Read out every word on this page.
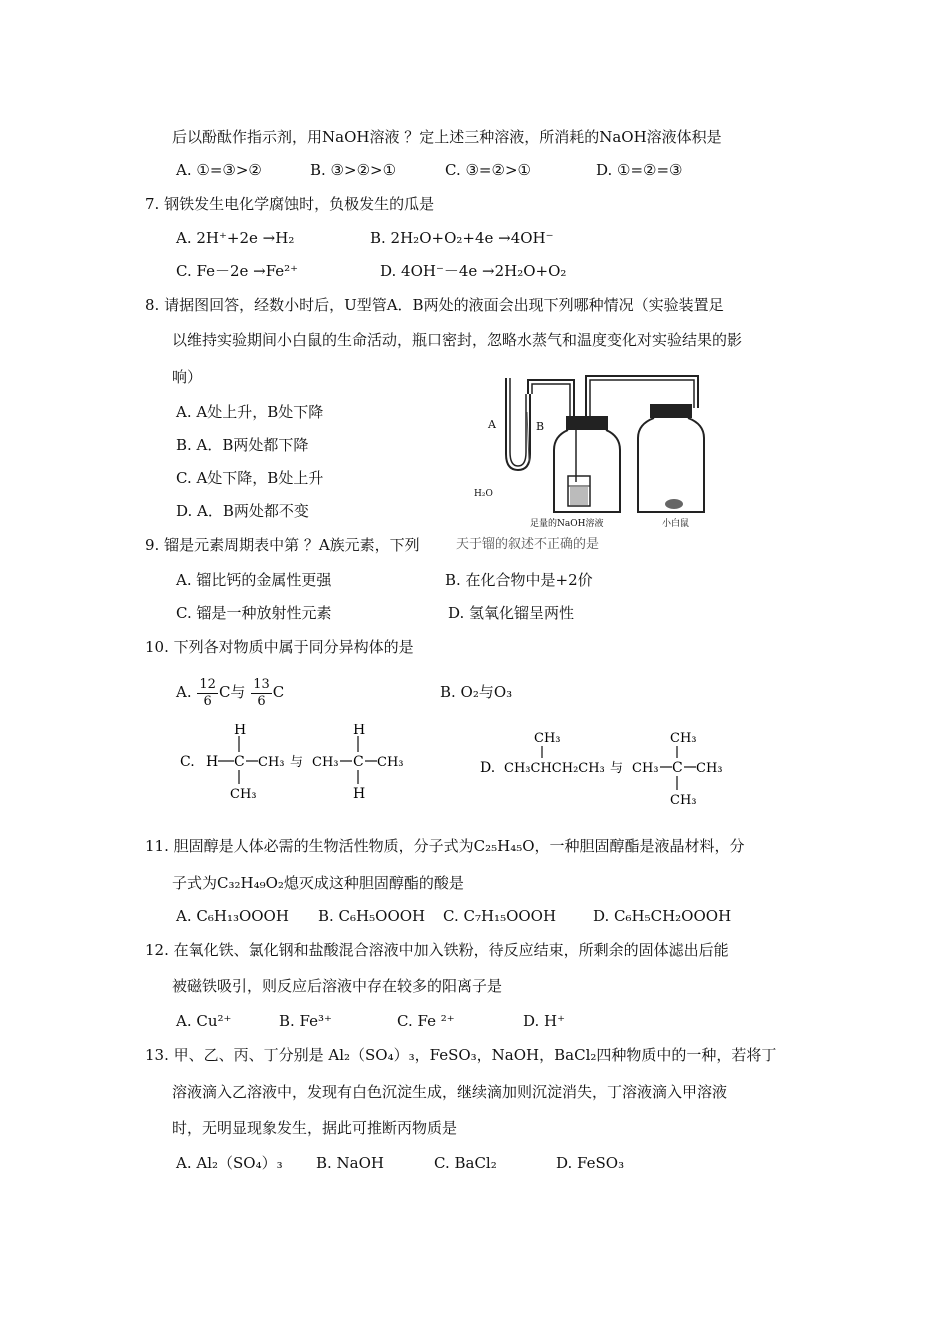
后以酚酞作指示剂，用NaOH溶液 ？定上述三种溶液，所消耗的NaOH溶液体积是
A. ①=③>②	B. ③>②>①	C. ③=②>①	D. ①=②=③
7. 钢铁发生电化学腐蚀时，负极发生的瓜是
A. 2H⁺+2e →H₂	B. 2H₂O+O₂+4e →4OH⁻
C. Fe－2e →Fe²⁺	D. 4OH⁻－4e →2H₂O+O₂
8. 请据图回答，经数小时后，U型管A．B两处的液面会出现下列哪种情况（实验装置足
以维持实验期间小白鼠的生命活动，瓶口密封，忽略水蒸气和温度变化对实验结果的影
响）
A. A处上升，B处下降
B. A．B两处都下降
C. A处下降，B处上升
D. A．B两处都不变
A	B
H₂O
足量的NaOH溶液	小白鼠
9. 镏是元素周期表中第 ？A族元素，下列	天于镏的叙述不正确的是
A. 镏比钙的金属性更强	B. 在化合物中是+2价
C. 镏是一种放射性元素	D. 氢氧化镏呈两性
10. 下列各对物质中属于同分异构体的是
A. $\frac{12}{6}$ C与 $\frac{13}{6}$ C	B. O₂与O₃
C. H C
H
CH₃
CH₃ 与 CH₃ C
H
H
CH₃	D.
CH₃
CH₃CHCH₂CH₃ 与 CH₃ C
CH₃
CH₃
CH₃
11. 胆固醇是人体必需的生物活性物质，分子式为C₂₅H₄₅O，一种胆固醇酯是液晶材料，分
子式为C₃₂H₄₉O₂熄灭成这种胆固醇酯的酸是
A. C₆H₁₃OOOH B. C₆H₅OOOH C. C₇H₁₅OOOH D. C₆H₅CH₂OOOH
12. 在氧化铁、氯化钢和盐酸混合溶液中加入铁粉，待反应结束，所剩余的固体滤出后能
被磁铁吸引，则反应后溶液中存在较多的阳离子是
A. Cu²⁺	B. Fe³⁺	C. Fe ²⁺	D. H⁺
13. 甲、乙、丙、丁分别是 Al₂（SO₄）₃，FeSO₃，NaOH，BaCl₂四种物质中的一种，若将丁
溶液滴入乙溶液中，发现有白色沉淀生成，继续滴加则沉淀消失，丁溶液滴入甲溶液
时，无明显现象发生，据此可推断丙物质是
A. Al₂（SO₄）₃ B. NaOH	C. BaCl₂	D. FeSO₃
